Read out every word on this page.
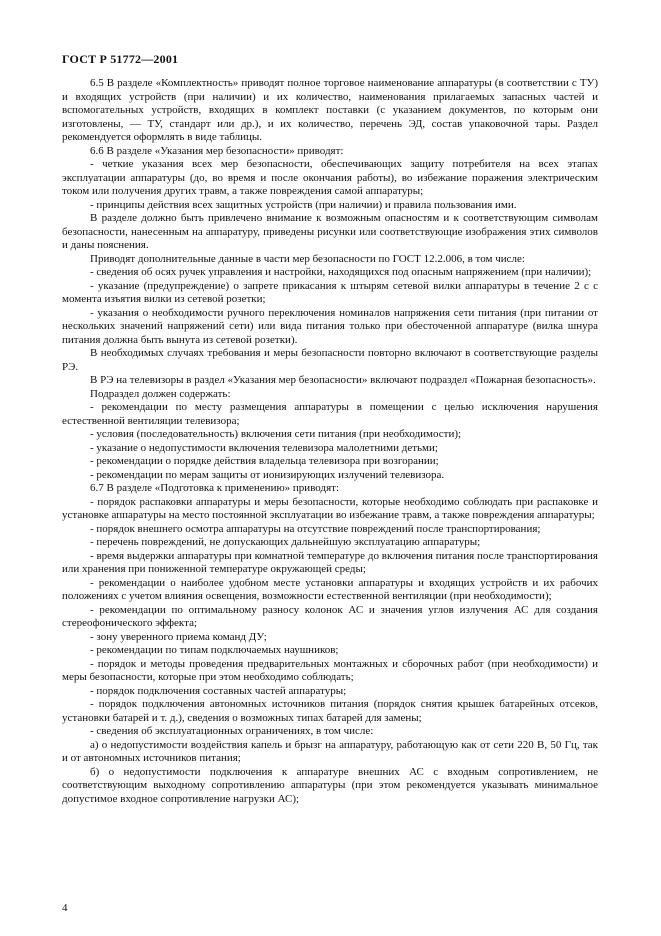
ГОСТ Р 51772—2001

6.5 В разделе «Комплектность» приводят полное торговое наименование аппаратуры (в соответствии с ТУ) и входящих устройств (при наличии) и их количество, наименования прилагаемых запасных частей и вспомогательных устройств, входящих в комплект поставки (с указанием документов, по которым они изготовлены, — ТУ, стандарт или др.), и их количество, перечень ЭД, состав упаковочной тары. Раздел рекомендуется оформлять в виде таблицы.

6.6 В разделе «Указания мер безопасности» приводят:

- четкие указания всех мер безопасности, обеспечивающих защиту потребителя на всех этапах эксплуатации аппаратуры (до, во время и после окончания работы), во избежание поражения электрическим током или получения других травм, а также повреждения самой аппаратуры;

- принципы действия всех защитных устройств (при наличии) и правила пользования ими.

В разделе должно быть привлечено внимание к возможным опасностям и к соответствующим символам безопасности, нанесенным на аппаратуру, приведены рисунки или соответствующие изображения этих символов и даны пояснения.

Приводят дополнительные данные в части мер безопасности по ГОСТ 12.2.006, в том числе:

- сведения об осях ручек управления и настройки, находящихся под опасным напряжением (при наличии);

- указание (предупреждение) о запрете прикасания к штырям сетевой вилки аппаратуры в течение 2 с с момента изъятия вилки из сетевой розетки;

- указания о необходимости ручного переключения номиналов напряжения сети питания (при питании от нескольких значений напряжений сети) или вида питания только при обесточенной аппаратуре (вилка шнура питания должна быть вынута из сетевой розетки).

В необходимых случаях требования и меры безопасности повторно включают в соответствующие разделы РЭ.

В РЭ на телевизоры в раздел «Указания мер безопасности» включают подраздел «Пожарная безопасность».

Подраздел должен содержать:

- рекомендации по месту размещения аппаратуры в помещении с целью исключения нарушения естественной вентиляции телевизора;

- условия (последовательность) включения сети питания (при необходимости);

- указание о недопустимости включения телевизора малолетними детьми;

- рекомендации о порядке действия владельца телевизора при возгорании;

- рекомендации по мерам защиты от ионизирующих излучений телевизора.

6.7 В разделе «Подготовка к применению» приводят:

- порядок распаковки аппаратуры и меры безопасности, которые необходимо соблюдать при распаковке и установке аппаратуры на место постоянной эксплуатации во избежание травм, а также повреждения аппаратуры;

- порядок внешнего осмотра аппаратуры на отсутствие повреждений после транспортирования;

- перечень повреждений, не допускающих дальнейшую эксплуатацию аппаратуры;

- время выдержки аппаратуры при комнатной температуре до включения питания после транспортирования или хранения при пониженной температуре окружающей среды;

- рекомендации о наиболее удобном месте установки аппаратуры и входящих устройств и их рабочих положениях с учетом влияния освещения, возможности естественной вентиляции (при необходимости);

- рекомендации по оптимальному разносу колонок АС и значения углов излучения АС для создания стереофонического эффекта;

- зону уверенного приема команд ДУ;

- рекомендации по типам подключаемых наушников;

- порядок и методы проведения предварительных монтажных и сборочных работ (при необходимости) и меры безопасности, которые при этом необходимо соблюдать;

- порядок подключения составных частей аппаратуры;

- порядок подключения автономных источников питания (порядок снятия крышек батарейных отсеков, установки батарей и т. д.), сведения о возможных типах батарей для замены;

- сведения об эксплуатационных ограничениях, в том числе:

а) о недопустимости воздействия капель и брызг на аппаратуру, работающую как от сети 220 В, 50 Гц, так и от автономных источников питания;

б) о недопустимости подключения к аппаратуре внешних АС с входным сопротивлением, не соответствующим выходному сопротивлению аппаратуры (при этом рекомендуется указывать минимальное допустимое входное сопротивление нагрузки АС);

4
